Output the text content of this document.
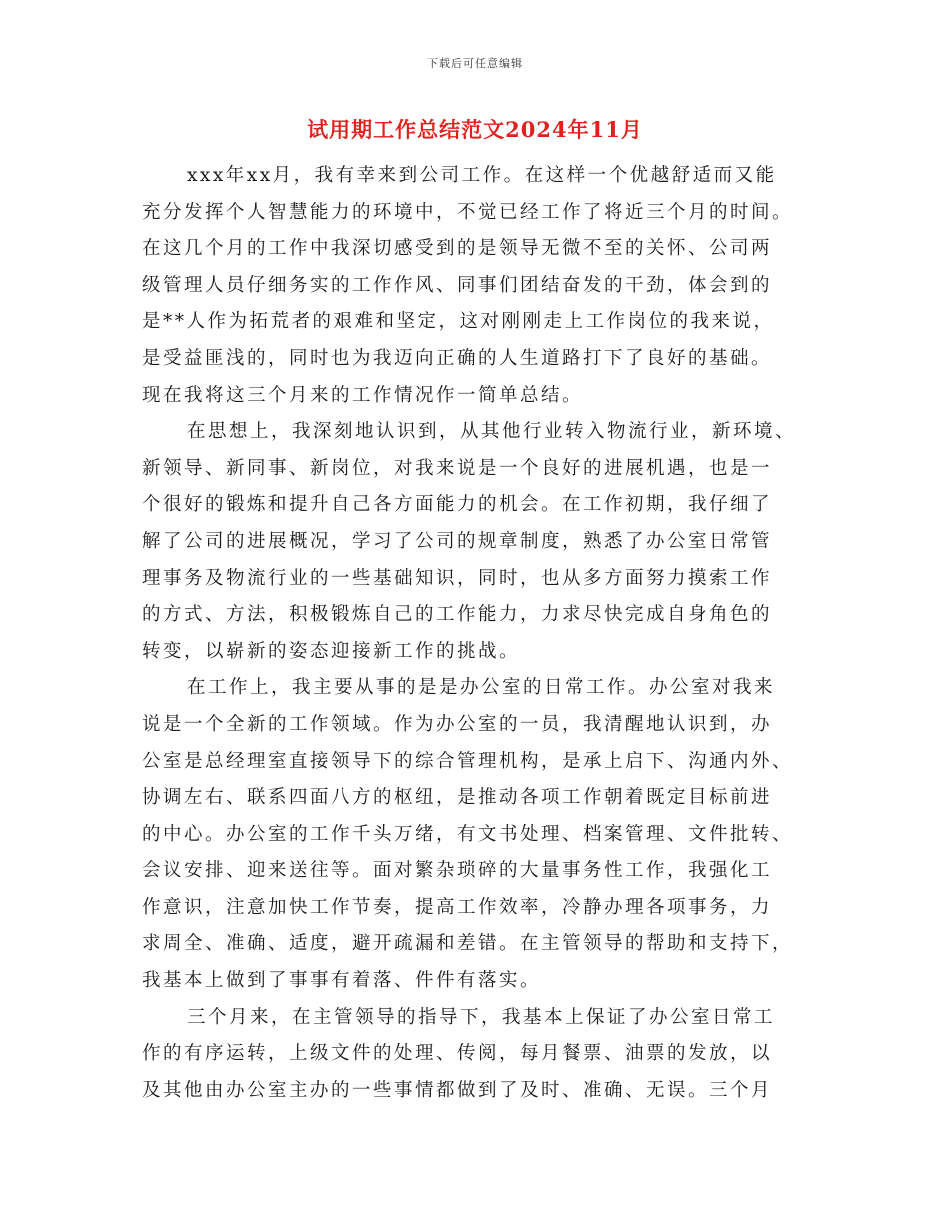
下载后可任意编辑
试用期工作总结范文2024年11月
xxx年xx月，我有幸来到公司工作。在这样一个优越舒适而又能
充分发挥个人智慧能力的环境中，不觉已经工作了将近三个月的时间。
在这几个月的工作中我深切感受到的是领导无微不至的关怀、公司两
级管理人员仔细务实的工作作风、同事们团结奋发的干劲，体会到的
是**人作为拓荒者的艰难和坚定，这对刚刚走上工作岗位的我来说，
是受益匪浅的，同时也为我迈向正确的人生道路打下了良好的基础。
现在我将这三个月来的工作情况作一简单总结。
在思想上，我深刻地认识到，从其他行业转入物流行业，新环境、
新领导、新同事、新岗位，对我来说是一个良好的进展机遇，也是一
个很好的锻炼和提升自己各方面能力的机会。在工作初期，我仔细了
解了公司的进展概况，学习了公司的规章制度，熟悉了办公室日常管
理事务及物流行业的一些基础知识，同时，也从多方面努力摸索工作
的方式、方法，积极锻炼自己的工作能力，力求尽快完成自身角色的
转变，以崭新的姿态迎接新工作的挑战。
在工作上，我主要从事的是是办公室的日常工作。办公室对我来
说是一个全新的工作领域。作为办公室的一员，我清醒地认识到，办
公室是总经理室直接领导下的综合管理机构，是承上启下、沟通内外、
协调左右、联系四面八方的枢纽，是推动各项工作朝着既定目标前进
的中心。办公室的工作千头万绪，有文书处理、档案管理、文件批转、
会议安排、迎来送往等。面对繁杂琐碎的大量事务性工作，我强化工
作意识，注意加快工作节奏，提高工作效率，冷静办理各项事务，力
求周全、准确、适度，避开疏漏和差错。在主管领导的帮助和支持下，
我基本上做到了事事有着落、件件有落实。
三个月来，在主管领导的指导下，我基本上保证了办公室日常工
作的有序运转，上级文件的处理、传阅，每月餐票、油票的发放，以
及其他由办公室主办的一些事情都做到了及时、准确、无误。三个月
